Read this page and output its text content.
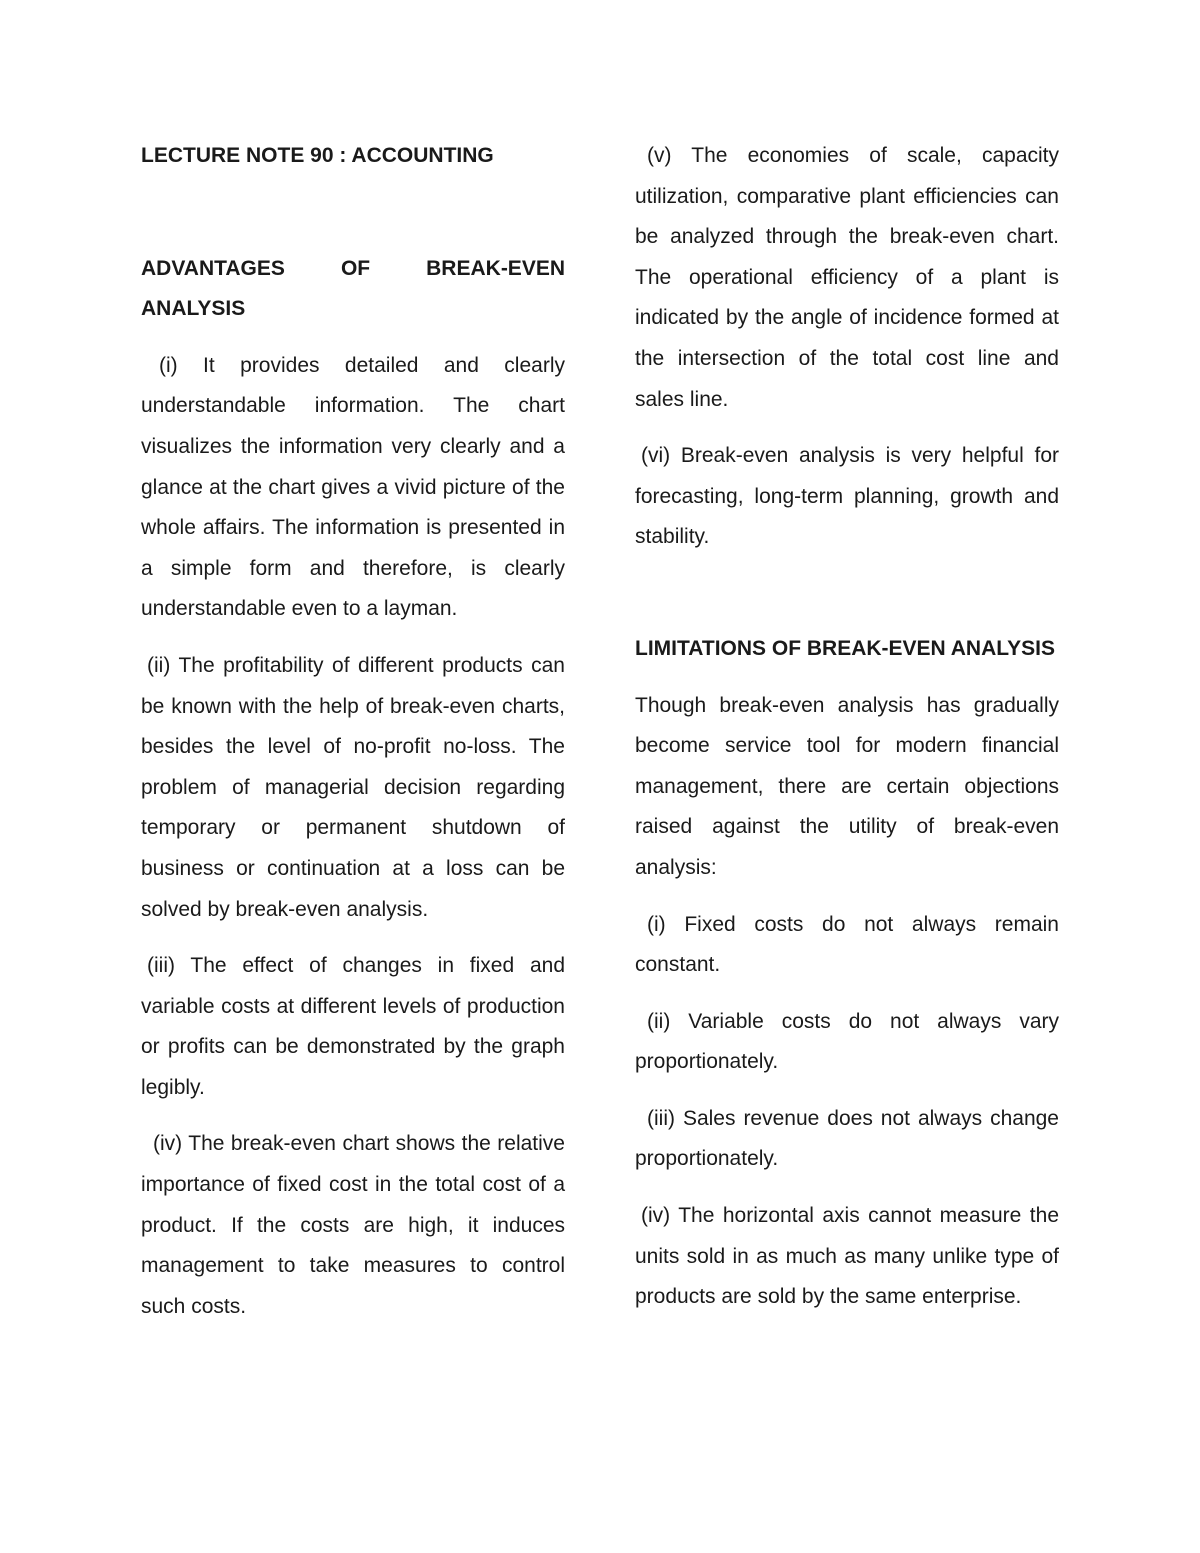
LECTURE NOTE 90 : ACCOUNTING

ADVANTAGES OF BREAK-EVEN ANALYSIS

(i) It provides detailed and clearly understandable information. The chart visualizes the information very clearly and a glance at the chart gives a vivid picture of the whole affairs. The information is presented in a simple form and therefore, is clearly understandable even to a layman.

(ii) The profitability of different products can be known with the help of break-even charts, besides the level of no-profit no-loss. The problem of managerial decision regarding temporary or permanent shutdown of business or continuation at a loss can be solved by break-even analysis.

(iii) The effect of changes in fixed and variable costs at different levels of production or profits can be demonstrated by the graph legibly.

(iv) The break-even chart shows the relative importance of fixed cost in the total cost of a product. If the costs are high, it induces management to take measures to control such costs.

(v) The economies of scale, capacity utilization, comparative plant efficiencies can be analyzed through the break-even chart. The operational efficiency of a plant is indicated by the angle of incidence formed at the intersection of the total cost line and sales line.

(vi) Break-even analysis is very helpful for forecasting, long-term planning, growth and stability.

LIMITATIONS OF BREAK-EVEN ANALYSIS

Though break-even analysis has gradually become service tool for modern financial management, there are certain objections raised against the utility of break-even analysis:

(i) Fixed costs do not always remain constant.

(ii) Variable costs do not always vary proportionately.

(iii) Sales revenue does not always change proportionately.

(iv) The horizontal axis cannot measure the units sold in as much as many unlike type of products are sold by the same enterprise.
